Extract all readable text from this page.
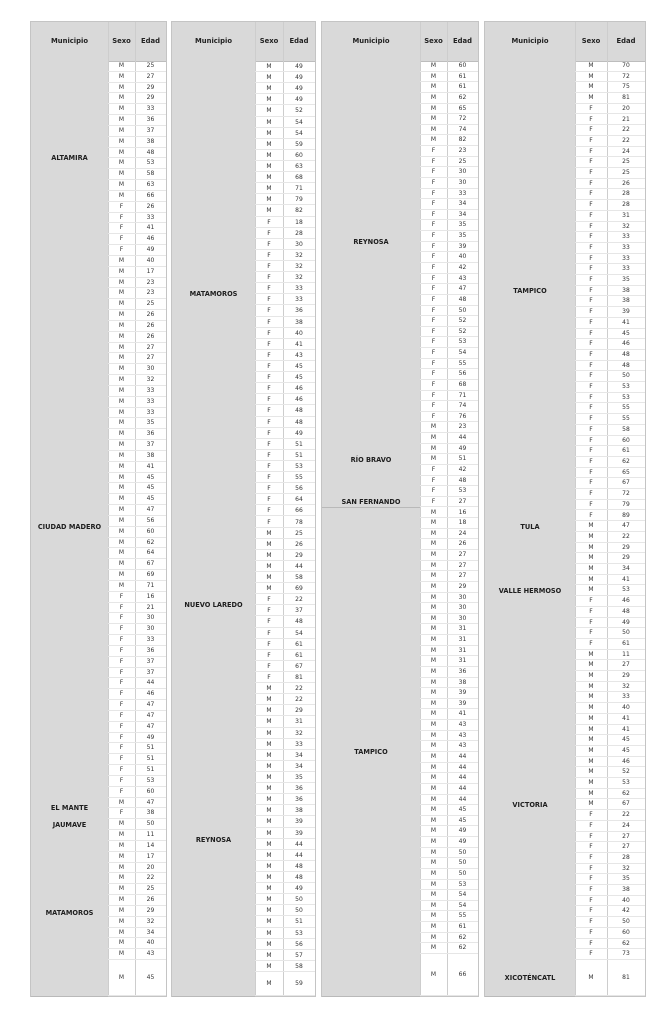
Municipio	Sexo	Edad
M	25
M	27
M	29
M	29
M	33
M	36
M	37
M	38
M	48
M	53
M	58
M	63
M	66
F	26
F	33
F	41
F	46
F	49
ALTAMIRA
M	40
M	17
M	23
M	23
M	25
M	26
M	26
M	26
M	27
M	27
M	30
M	32
M	33
M	33
M	33
M	35
M	36
M	37
M	38
M	41
M	45
M	45
M	45
M	47
M	56
M	60
M	62
M	64
M	67
M	69
M	71
F	16
F	21
F	30
F	30
F	33
F	36
F	37
F	37
F	44
F	46
F	47
F	47
F	47
F	49
F	51
F	51
F	51
F	53
F	60
CIUDAD MADERO
M	47
F	38
EL MANTE
M	50
JAUMAVE
M	11
M	14
M	17
M	20
M	22
M	25
M	26
M	29
M	32
M	34
M	40
M	43
M	45
MATAMOROS
Municipio	Sexo	Edad
M	49
M	49
M	49
M	49
M	52
M	54
M	54
M	59
M	60
M	63
M	68
M	71
M	79
M	82
F	18
F	28
F	30
F	32
F	32
F	32
F	33
F	33
F	36
F	38
F	40
F	41
F	43
F	45
F	45
F	46
F	46
F	48
F	48
F	49
F	51
F	51
F	53
F	55
F	56
F	64
F	66
F	78
MATAMOROS
M	25
M	26
M	29
M	44
M	58
M	69
F	22
F	37
F	48
F	54
F	61
F	61
F	67
F	81
NUEVO LAREDO
M	22
M	22
M	29
M	31
M	32
M	33
M	34
M	34
M	35
M	36
M	36
M	38
M	39
M	39
M	44
M	44
M	48
M	48
M	49
M	50
M	50
M	51
M	53
M	56
M	57
M	58
M	59
REYNOSA
Municipio	Sexo	Edad
M	60
M	61
M	61
M	62
M	65
M	72
M	74
M	82
F	23
F	25
F	30
F	30
F	33
F	34
F	34
F	35
F	35
F	39
F	40
F	42
F	43
F	47
F	48
F	50
F	52
F	52
F	53
F	54
F	55
F	56
F	68
F	71
F	74
F	76
REYNOSA
M	23
M	44
M	49
M	51
F	42
F	48
F	53
RÍO BRAVO
F	27
SAN FERNANDO
M	16
M	18
M	24
M	26
M	27
M	27
M	27
M	29
M	30
M	30
M	30
M	31
M	31
M	31
M	31
M	36
M	38
M	39
M	39
M	41
M	43
M	43
M	43
M	44
M	44
M	44
M	44
M	44
M	45
M	45
M	49
M	49
M	50
M	50
M	50
M	53
M	54
M	54
M	55
M	61
M	62
M	62
M	66
TAMPICO
Municipio	Sexo	Edad
M	70
M	72
M	75
M	81
F	20
F	21
F	22
F	22
F	24
F	25
F	25
F	26
F	28
F	28
F	31
F	32
F	33
F	33
F	33
F	33
F	35
F	38
F	38
F	39
F	41
F	45
F	46
F	48
F	48
F	50
F	53
F	53
F	55
F	55
F	58
F	60
F	61
F	62
F	65
F	67
F	72
F	79
F	89
TAMPICO
M	47
TULA
M	22
M	29
M	29
M	34
M	41
M	53
F	46
F	48
F	49
F	50
F	61
VALLE HERMOSO
M	11
M	27
M	29
M	32
M	33
M	40
M	41
M	41
M	45
M	45
M	46
M	52
M	53
M	62
M	67
F	22
F	24
F	27
F	27
F	28
F	32
F	35
F	38
F	40
F	42
F	50
F	60
F	62
F	73
VICTORIA
M	81
XICOTÉNCATL
